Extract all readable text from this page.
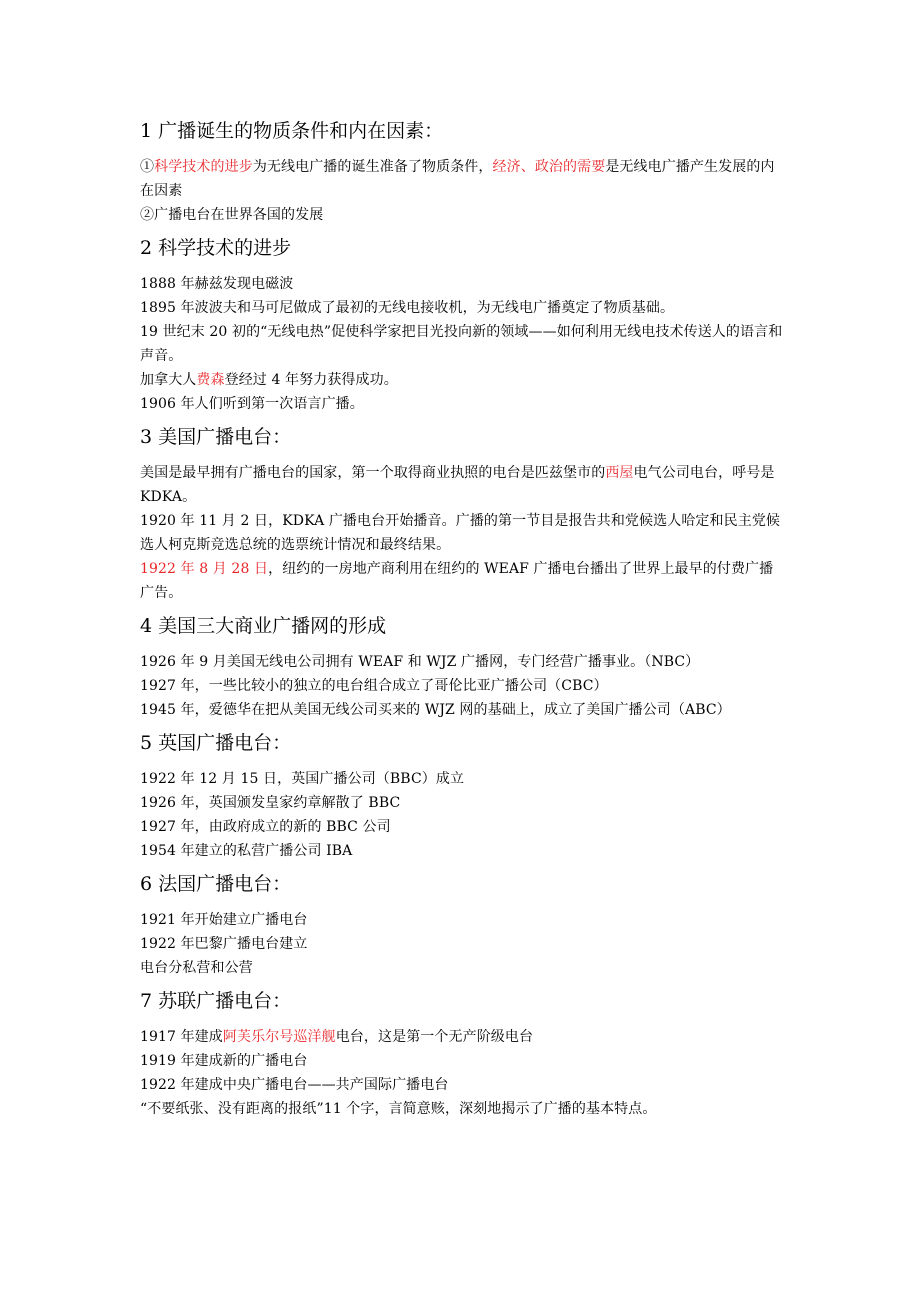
1 广播诞生的物质条件和内在因素：

①科学技术的进步为无线电广播的诞生准备了物质条件，经济、政治的需要是无线电广播产生发展的内在因素

②广播电台在世界各国的发展

2 科学技术的进步

1888 年赫兹发现电磁波

1895 年波波夫和马可尼做成了最初的无线电接收机，为无线电广播奠定了物质基础。

19 世纪末 20 初的“无线电热”促使科学家把目光投向新的领域——如何利用无线电技术传送人的语言和声音。

加拿大人费森登经过 4 年努力获得成功。

1906 年人们听到第一次语言广播。

3 美国广播电台：

美国是最早拥有广播电台的国家，第一个取得商业执照的电台是匹兹堡市的西屋电气公司电台，呼号是 KDKA。

1920 年 11 月 2 日，KDKA 广播电台开始播音。广播的第一节目是报告共和党候选人哈定和民主党候选人柯克斯竞选总统的选票统计情况和最终结果。

1922 年 8 月 28 日，纽约的一房地产商利用在纽约的 WEAF 广播电台播出了世界上最早的付费广播广告。

4 美国三大商业广播网的形成

1926 年 9 月美国无线电公司拥有 WEAF 和 WJZ 广播网，专门经营广播事业。（NBC）

1927 年，一些比较小的独立的电台组合成立了哥伦比亚广播公司（CBC）

1945 年，爱德华在把从美国无线公司买来的 WJZ 网的基础上，成立了美国广播公司（ABC）

5 英国广播电台：

1922 年 12 月 15 日，英国广播公司（BBC）成立

1926 年，英国颁发皇家约章解散了 BBC

1927 年，由政府成立的新的 BBC 公司

1954 年建立的私营广播公司 IBA

6 法国广播电台：

1921 年开始建立广播电台

1922 年巴黎广播电台建立

电台分私营和公营

7 苏联广播电台：

1917 年建成阿芙乐尔号巡洋舰电台，这是第一个无产阶级电台

1919 年建成新的广播电台

1922 年建成中央广播电台——共产国际广播电台

“不要纸张、没有距离的报纸”11 个字，言简意赅，深刻地揭示了广播的基本特点。
